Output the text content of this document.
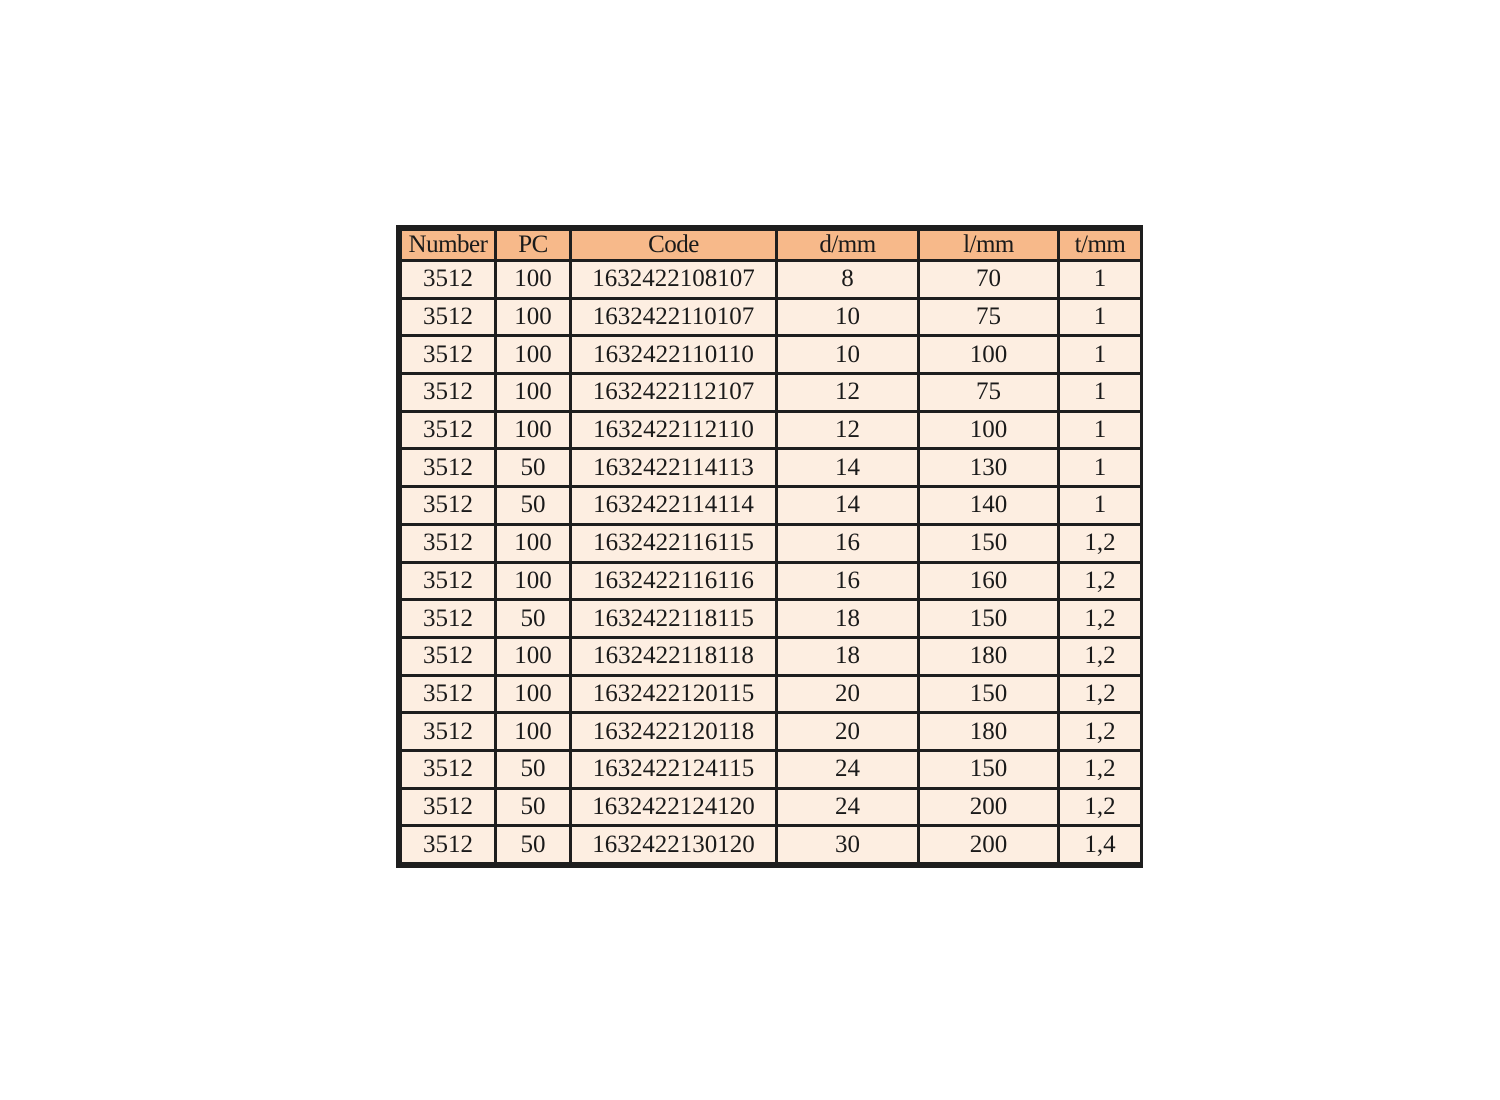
Number	PC	Code	d/mm	l/mm	t/mm
3512	100	1632422108107	8	70	1
3512	100	1632422110107	10	75	1
3512	100	1632422110110	10	100	1
3512	100	1632422112107	12	75	1
3512	100	1632422112110	12	100	1
3512	50	1632422114113	14	130	1
3512	50	1632422114114	14	140	1
3512	100	1632422116115	16	150	1,2
3512	100	1632422116116	16	160	1,2
3512	50	1632422118115	18	150	1,2
3512	100	1632422118118	18	180	1,2
3512	100	1632422120115	20	150	1,2
3512	100	1632422120118	20	180	1,2
3512	50	1632422124115	24	150	1,2
3512	50	1632422124120	24	200	1,2
3512	50	1632422130120	30	200	1,4
